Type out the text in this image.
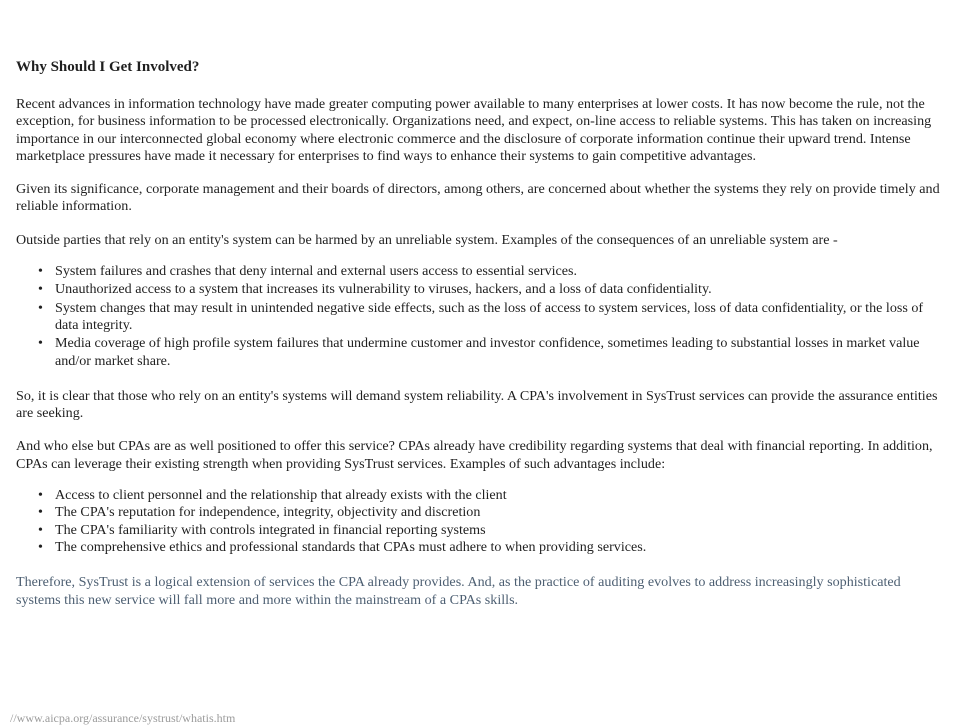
Why Should I Get Involved?

Recent advances in information technology have made greater computing power available to many enterprises at lower costs. It has now become the rule, not the exception, for business information to be processed electronically. Organizations need, and expect, on-line access to reliable systems. This has taken on increasing importance in our interconnected global economy where electronic commerce and the disclosure of corporate information continue their upward trend. Intense marketplace pressures have made it necessary for enterprises to find ways to enhance their systems to gain competitive advantages.

Given its significance, corporate management and their boards of directors, among others, are concerned about whether the systems they rely on provide timely and reliable information.

Outside parties that rely on an entity's system can be harmed by an unreliable system. Examples of the consequences of an unreliable system are -

• System failures and crashes that deny internal and external users access to essential services.
• Unauthorized access to a system that increases its vulnerability to viruses, hackers, and a loss of data confidentiality.
• System changes that may result in unintended negative side effects, such as the loss of access to system services, loss of data confidentiality, or the loss of data integrity.
• Media coverage of high profile system failures that undermine customer and investor confidence, sometimes leading to substantial losses in market value and/or market share.

So, it is clear that those who rely on an entity's systems will demand system reliability. A CPA's involvement in SysTrust services can provide the assurance entities are seeking.

And who else but CPAs are as well positioned to offer this service? CPAs already have credibility regarding systems that deal with financial reporting. In addition, CPAs can leverage their existing strength when providing SysTrust services. Examples of such advantages include:

• Access to client personnel and the relationship that already exists with the client
• The CPA's reputation for independence, integrity, objectivity and discretion
• The CPA's familiarity with controls integrated in financial reporting systems
• The comprehensive ethics and professional standards that CPAs must adhere to when providing services.

Therefore, SysTrust is a logical extension of services the CPA already provides. And, as the practice of auditing evolves to address increasingly sophisticated systems this new service will fall more and more within the mainstream of a CPAs skills.

//www.aicpa.org/assurance/systrust/whatis.htm
